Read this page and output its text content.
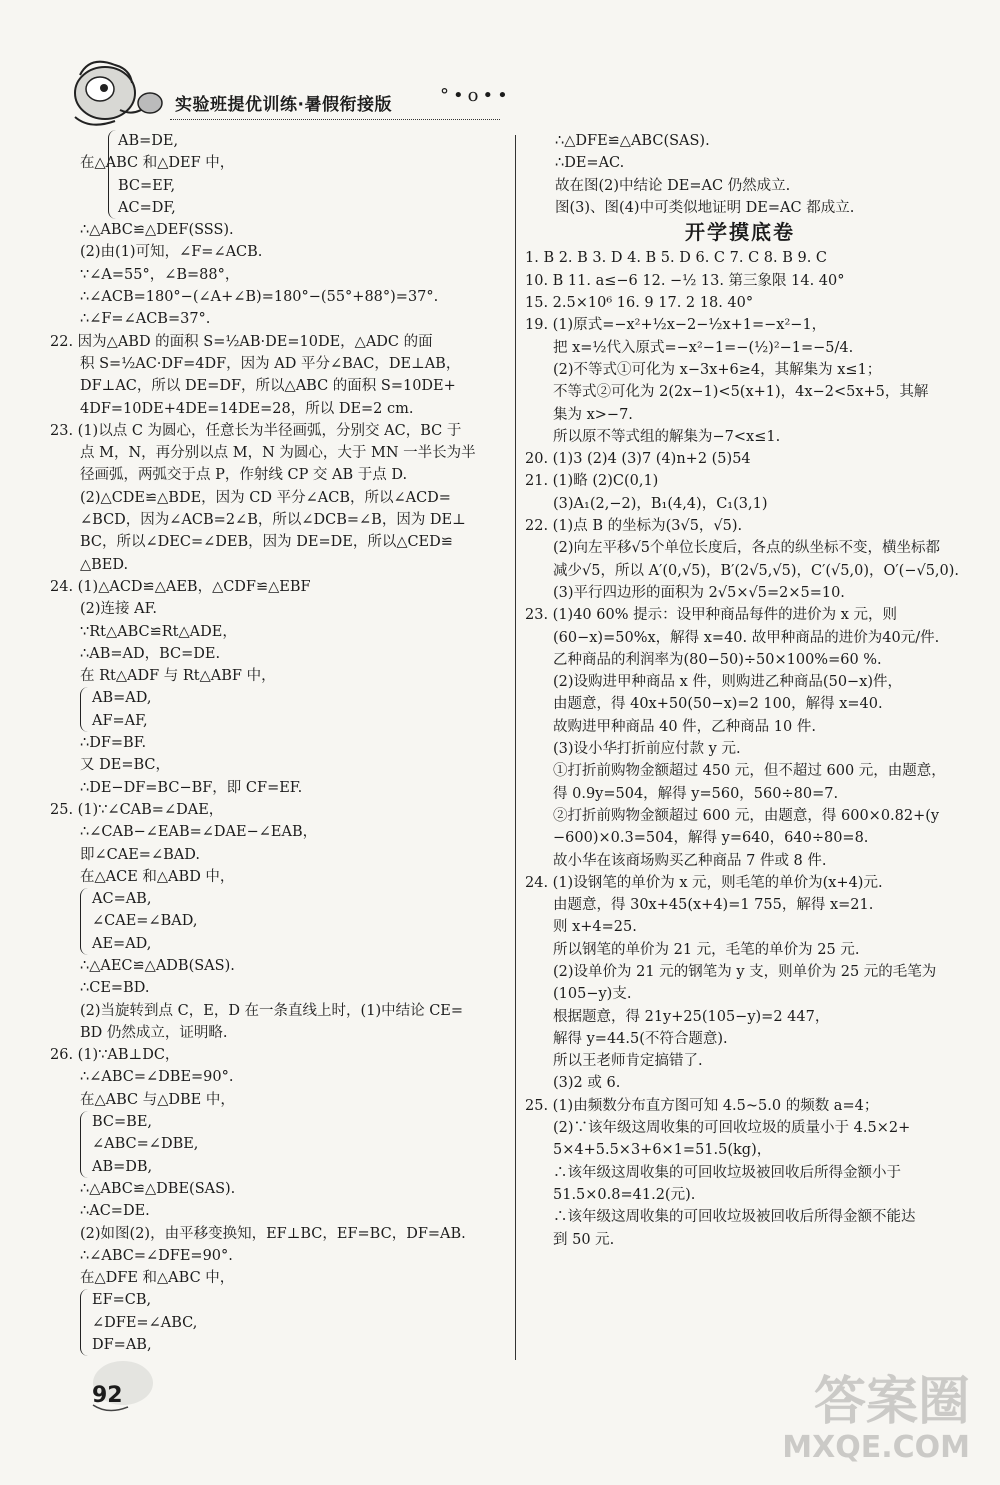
实验班提优训练·暑假衔接版	°•o••
AB=DE,
在△ABC 和△DEF 中，
BC=EF,
AC=DF,
∴△ABC≌△DEF(SSS).
(2)由(1)可知，∠F=∠ACB.
∵∠A=55°，∠B=88°，
∴∠ACB=180°−(∠A+∠B)=180°−(55°+88°)=37°.
∴∠F=∠ACB=37°.
22. 因为△ABD 的面积 S=½AB·DE=10DE，△ADC 的面
积 S=½AC·DF=4DF，因为 AD 平分∠BAC，DE⊥AB，
DF⊥AC，所以 DE=DF，所以△ABC 的面积 S=10DE+
4DF=10DE+4DE=14DE=28，所以 DE=2 cm.
23. (1)以点 C 为圆心，任意长为半径画弧，分别交 AC，BC 于
点 M，N，再分别以点 M，N 为圆心，大于 MN 一半长为半
径画弧，两弧交于点 P，作射线 CP 交 AB 于点 D.
(2)△CDE≌△BDE，因为 CD 平分∠ACB，所以∠ACD=
∠BCD，因为∠ACB=2∠B，所以∠DCB=∠B，因为 DE⊥
BC，所以∠DEC=∠DEB，因为 DE=DE，所以△CED≌
△BED.
24. (1)△ACD≌△AEB，△CDF≌△EBF
(2)连接 AF.
∵Rt△ABC≌Rt△ADE，
∴AB=AD，BC=DE.
在 Rt△ADF 与 Rt△ABF 中，
AB=AD,
AF=AF,
∴DF=BF.
又 DE=BC，
∴DE−DF=BC−BF，即 CF=EF.
25. (1)∵∠CAB=∠DAE，
∴∠CAB−∠EAB=∠DAE−∠EAB，
即∠CAE=∠BAD.
在△ACE 和△ABD 中，
AC=AB,
∠CAE=∠BAD,
AE=AD,
∴△AEC≌△ADB(SAS).
∴CE=BD.
(2)当旋转到点 C，E，D 在一条直线上时，(1)中结论 CE=
BD 仍然成立，证明略.
26. (1)∵AB⊥DC，
∴∠ABC=∠DBE=90°.
在△ABC 与△DBE 中，
BC=BE,
∠ABC=∠DBE,
AB=DB,
∴△ABC≌△DBE(SAS).
∴AC=DE.
(2)如图(2)，由平移变换知，EF⊥BC，EF=BC，DF=AB.
∴∠ABC=∠DFE=90°.
在△DFE 和△ABC 中，
EF=CB,
∠DFE=∠ABC,
DF=AB,
∴△DFE≌△ABC(SAS).
∴DE=AC.
故在图(2)中结论 DE=AC 仍然成立.
图(3)、图(4)中可类似地证明 DE=AC 都成立.
开学摸底卷
1. B 2. B 3. D 4. B 5. D 6. C 7. C 8. B 9. C
10. B 11. a≤−6 12. −½ 13. 第三象限 14. 40°
15. 2.5×10⁶ 16. 9 17. 2 18. 40°
19. (1)原式=−x²+½x−2−½x+1=−x²−1，
把 x=½代入原式=−x²−1=−(½)²−1=−5/4.
(2)不等式①可化为 x−3x+6≥4，其解集为 x≤1；
不等式②可化为 2(2x−1)<5(x+1)，4x−2<5x+5，其解
集为 x>−7.
所以原不等式组的解集为−7<x≤1.
20. (1)3 (2)4 (3)7 (4)n+2 (5)54
21. (1)略 (2)C(0,1)
(3)A₁(2,−2)，B₁(4,4)，C₁(3,1)
22. (1)点 B 的坐标为(3√5，√5).
(2)向左平移√5个单位长度后，各点的纵坐标不变，横坐标都
减少√5，所以 A′(0,√5)，B′(2√5,√5)，C′(√5,0)，O′(−√5,0).
(3)平行四边形的面积为 2√5×√5=2×5=10.
23. (1)40 60% 提示：设甲种商品每件的进价为 x 元，则
(60−x)=50%x，解得 x=40. 故甲种商品的进价为40元/件.
乙种商品的利润率为(80−50)÷50×100%=60 %.
(2)设购进甲种商品 x 件，则购进乙种商品(50−x)件，
由题意，得 40x+50(50−x)=2 100，解得 x=40.
故购进甲种商品 40 件，乙种商品 10 件.
(3)设小华打折前应付款 y 元.
①打折前购物金额超过 450 元，但不超过 600 元，由题意，
得 0.9y=504，解得 y=560，560÷80=7.
②打折前购物金额超过 600 元，由题意，得 600×0.82+(y
−600)×0.3=504，解得 y=640，640÷80=8.
故小华在该商场购买乙种商品 7 件或 8 件.
24. (1)设钢笔的单价为 x 元，则毛笔的单价为(x+4)元.
由题意，得 30x+45(x+4)=1 755，解得 x=21.
则 x+4=25.
所以钢笔的单价为 21 元，毛笔的单价为 25 元.
(2)设单价为 21 元的钢笔为 y 支，则单价为 25 元的毛笔为
(105−y)支.
根据题意，得 21y+25(105−y)=2 447，
解得 y=44.5(不符合题意).
所以王老师肯定搞错了.
(3)2 或 6.
25. (1)由频数分布直方图可知 4.5~5.0 的频数 a=4；
(2)∵该年级这周收集的可回收垃圾的质量小于 4.5×2+
5×4+5.5×3+6×1=51.5(kg)，
∴该年级这周收集的可回收垃圾被回收后所得金额小于
51.5×0.8=41.2(元).
∴该年级这周收集的可回收垃圾被回收后所得金额不能达
到 50 元.
92	答案圈
MXQE.COM
